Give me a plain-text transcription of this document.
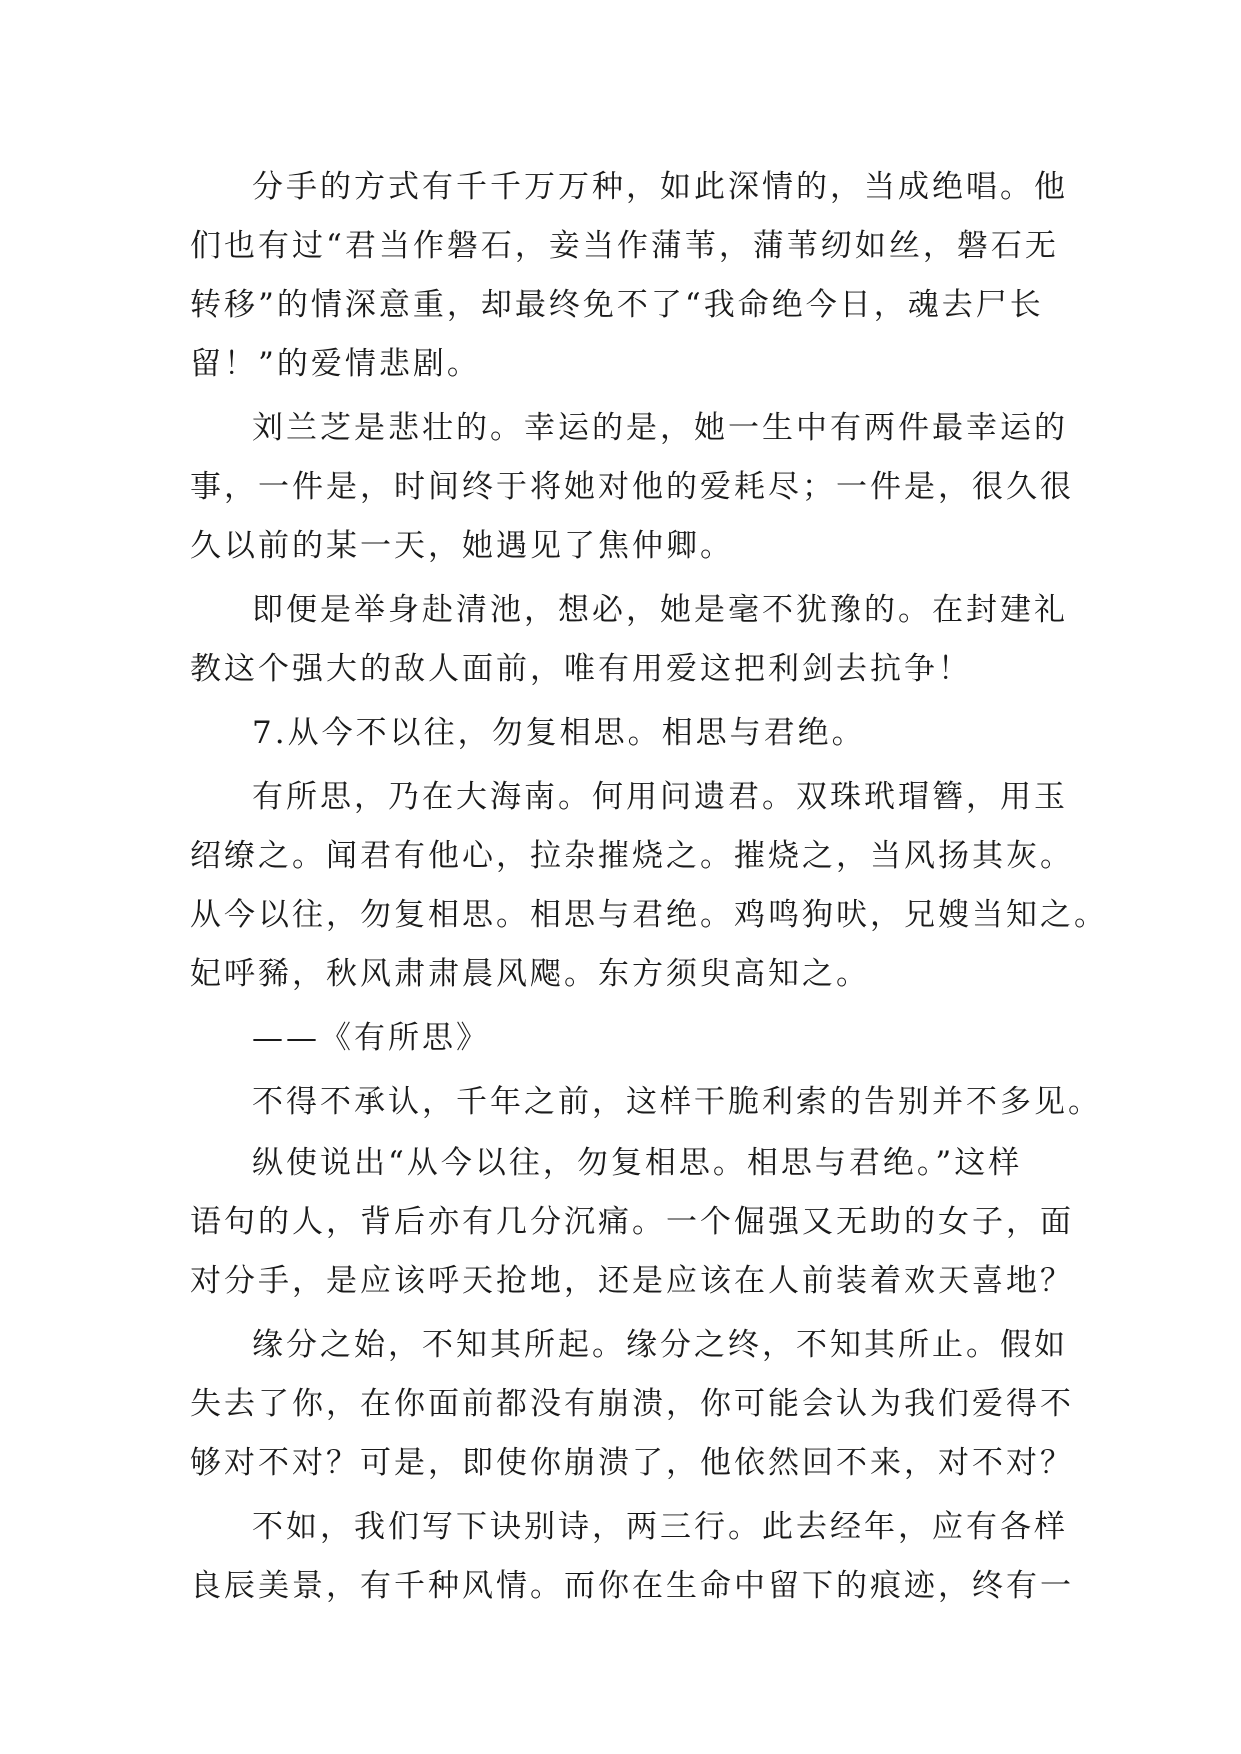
分手的方式有千千万万种，如此深情的，当成绝唱。他
们也有过“君当作磐石，妾当作蒲苇，蒲苇纫如丝，磐石无
转移”的情深意重，却最终免不了“我命绝今日，魂去尸长
留！”的爱情悲剧。

刘兰芝是悲壮的。幸运的是，她一生中有两件最幸运的
事，一件是，时间终于将她对他的爱耗尽；一件是，很久很
久以前的某一天，她遇见了焦仲卿。

即便是举身赴清池，想必，她是毫不犹豫的。在封建礼
教这个强大的敌人面前，唯有用爱这把利剑去抗争！

7.从今不以往，勿复相思。相思与君绝。

有所思，乃在大海南。何用问遗君。双珠玳瑁簪，用玉
绍缭之。闻君有他心，拉杂摧烧之。摧烧之，当风扬其灰。
从今以往，勿复相思。相思与君绝。鸡鸣狗吠，兄嫂当知之。
妃呼豨，秋风肃肃晨风飔。东方须臾高知之。

——《有所思》

不得不承认，千年之前，这样干脆利索的告别并不多见。

纵使说出“从今以往，勿复相思。相思与君绝。”这样
语句的人，背后亦有几分沉痛。一个倔强又无助的女子，面
对分手，是应该呼天抢地，还是应该在人前装着欢天喜地？

缘分之始，不知其所起。缘分之终，不知其所止。假如
失去了你，在你面前都没有崩溃，你可能会认为我们爱得不
够对不对？可是，即使你崩溃了，他依然回不来，对不对？

不如，我们写下诀别诗，两三行。此去经年，应有各样
良辰美景，有千种风情。而你在生命中留下的痕迹，终有一
